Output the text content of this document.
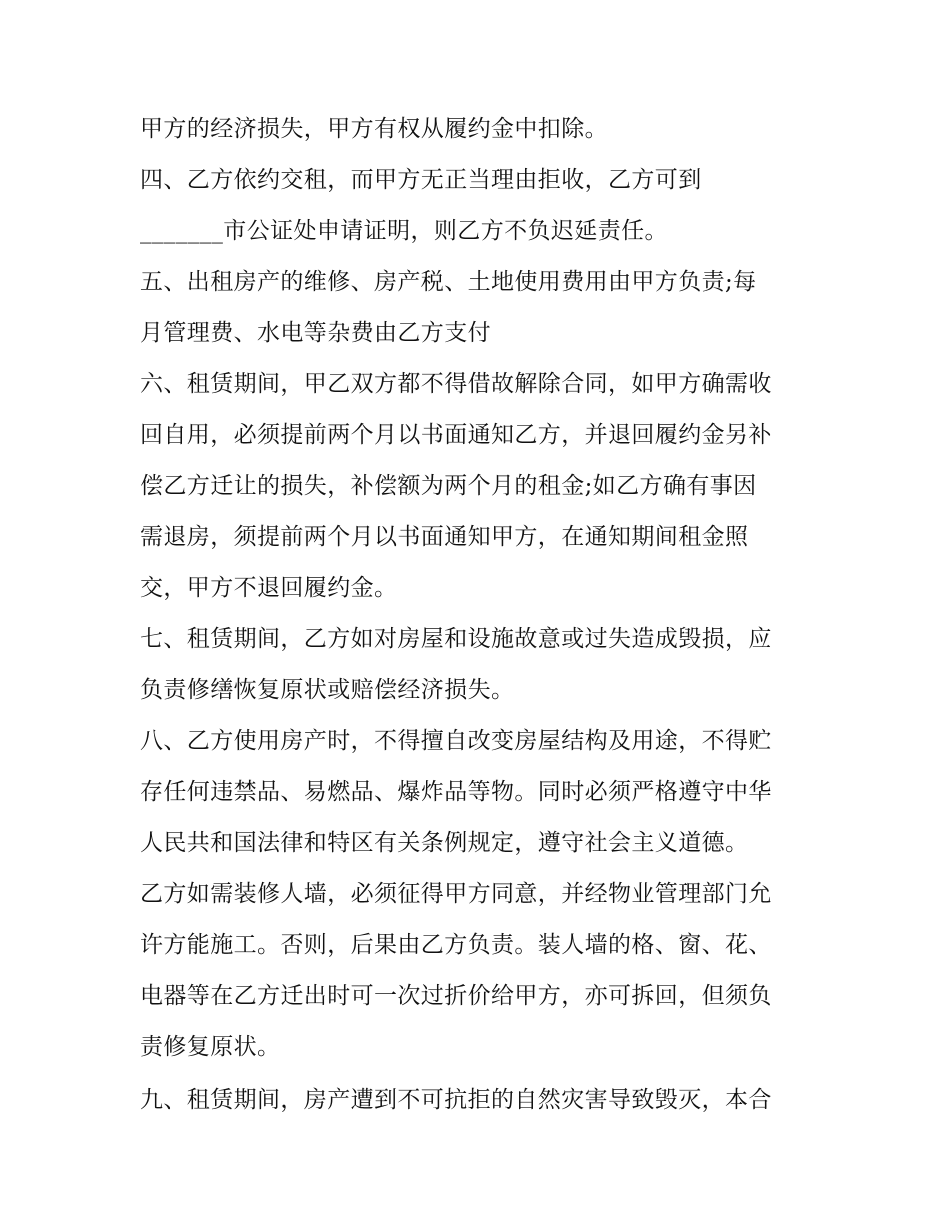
甲方的经济损失，甲方有权从履约金中扣除。
四、乙方依约交租，而甲方无正当理由拒收，乙方可到
_______市公证处申请证明，则乙方不负迟延责任。
五、出租房产的维修、房产税、土地使用费用由甲方负责;每
月管理费、水电等杂费由乙方支付
六、租赁期间，甲乙双方都不得借故解除合同，如甲方确需收
回自用，必须提前两个月以书面通知乙方，并退回履约金另补
偿乙方迁让的损失，补偿额为两个月的租金;如乙方确有事因
需退房，须提前两个月以书面通知甲方，在通知期间租金照
交，甲方不退回履约金。
七、租赁期间，乙方如对房屋和设施故意或过失造成毁损，应
负责修缮恢复原状或赔偿经济损失。
八、乙方使用房产时，不得擅自改变房屋结构及用途，不得贮
存任何违禁品、易燃品、爆炸品等物。同时必须严格遵守中华
人民共和国法律和特区有关条例规定，遵守社会主义道德。
乙方如需装修人墙，必须征得甲方同意，并经物业管理部门允
许方能施工。否则，后果由乙方负责。装人墙的格、窗、花、
电器等在乙方迁出时可一次过折价给甲方，亦可拆回，但须负
责修复原状。
九、租赁期间，房产遭到不可抗拒的自然灾害导致毁灭，本合
